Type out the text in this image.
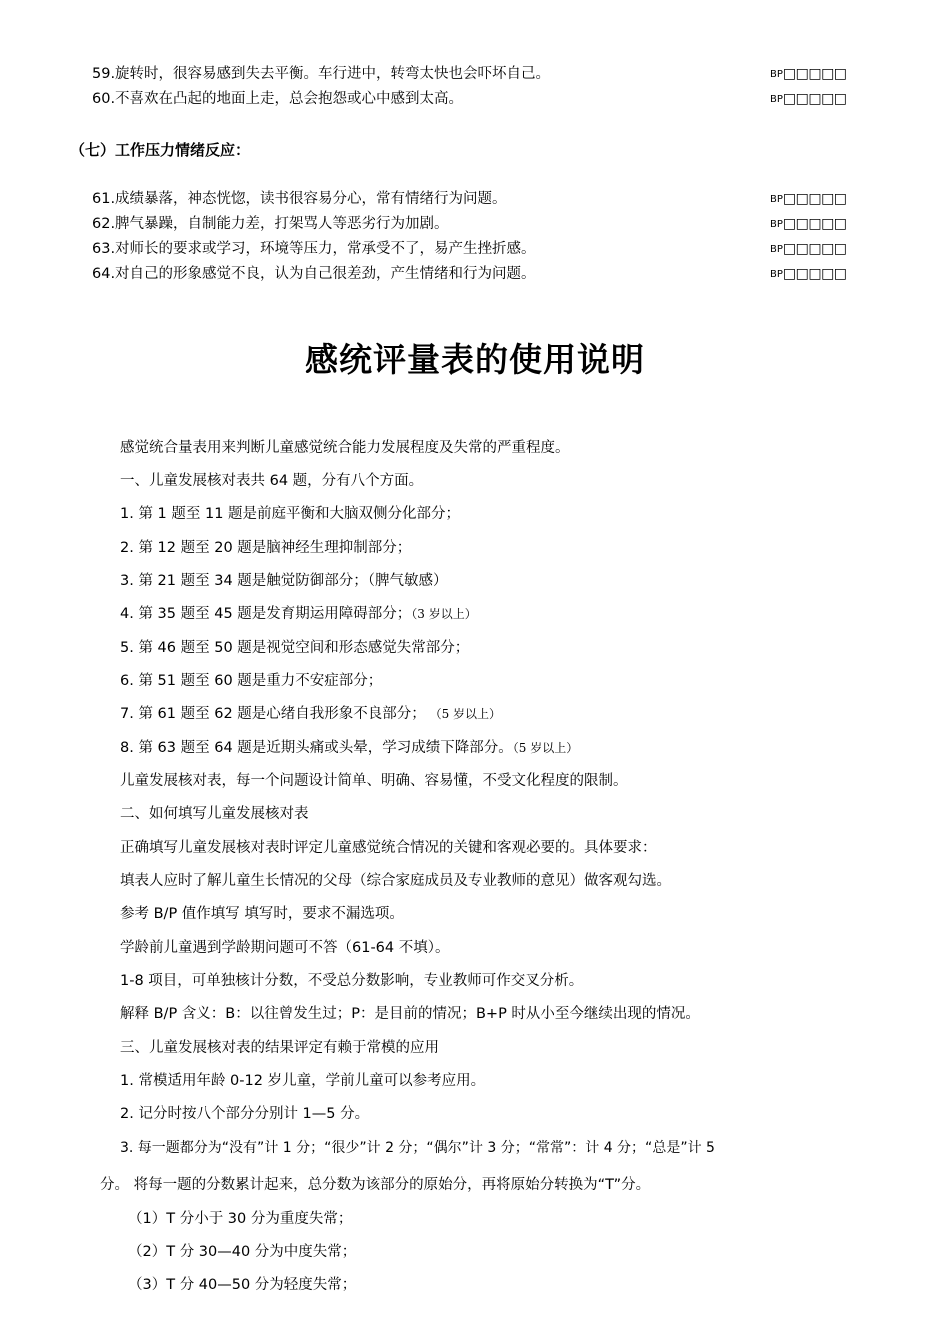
59.旋转时，很容易感到失去平衡。车行进中，转弯太快也会吓坏自己。	BP□□□□□
60.不喜欢在凸起的地面上走，总会抱怨或心中感到太高。	BP□□□□□
（七）工作压力情绪反应：
61.成绩暴落，神态恍惚，读书很容易分心，常有情绪行为问题。	BP□□□□□
62.脾气暴躁，自制能力差，打架骂人等恶劣行为加剧。	BP□□□□□
63.对师长的要求或学习，环境等压力，常承受不了，易产生挫折感。	BP□□□□□
64.对自己的形象感觉不良，认为自己很差劲，产生情绪和行为问题。	BP□□□□□
感统评量表的使用说明
感觉统合量表用来判断儿童感觉统合能力发展程度及失常的严重程度。
一、儿童发展核对表共 64 题，分有八个方面。
1. 第 1 题至 11 题是前庭平衡和大脑双侧分化部分；
2. 第 12 题至 20 题是脑神经生理抑制部分；
3. 第 21 题至 34 题是触觉防御部分；（脾气敏感）
4. 第 35 题至 45 题是发育期运用障碍部分；（3 岁以上）
5. 第 46 题至 50 题是视觉空间和形态感觉失常部分；
6. 第 51 题至 60 题是重力不安症部分；
7. 第 61 题至 62 题是心绪自我形象不良部分； （5 岁以上）
8. 第 63 题至 64 题是近期头痛或头晕，学习成绩下降部分。（5 岁以上）
儿童发展核对表，每一个问题设计简单、明确、容易懂，不受文化程度的限制。
二、如何填写儿童发展核对表
正确填写儿童发展核对表时评定儿童感觉统合情况的关键和客观必要的。具体要求：
填表人应时了解儿童生长情况的父母（综合家庭成员及专业教师的意见）做客观勾选。
参考 B/P 值作填写 填写时，要求不漏选项。
学龄前儿童遇到学龄期问题可不答（61-64 不填）。
1-8 项目，可单独核计分数，不受总分数影响，专业教师可作交叉分析。
解释 B/P 含义：B：以往曾发生过；P：是目前的情况；B+P 时从小至今继续出现的情况。
三、儿童发展核对表的结果评定有赖于常模的应用
1. 常模适用年龄 0-12 岁儿童，学前儿童可以参考应用。
2. 记分时按八个部分分别计 1—5 分。
3. 每一题都分为“没有”计 1 分；“很少”计 2 分；“偶尔”计 3 分；“常常”：计 4 分；“总是”计 5
分。 将每一题的分数累计起来，总分数为该部分的原始分，再将原始分转换为“T”分。
（1）T 分小于 30 分为重度失常；
（2）T 分 30—40 分为中度失常；
（3）T 分 40—50 分为轻度失常；
